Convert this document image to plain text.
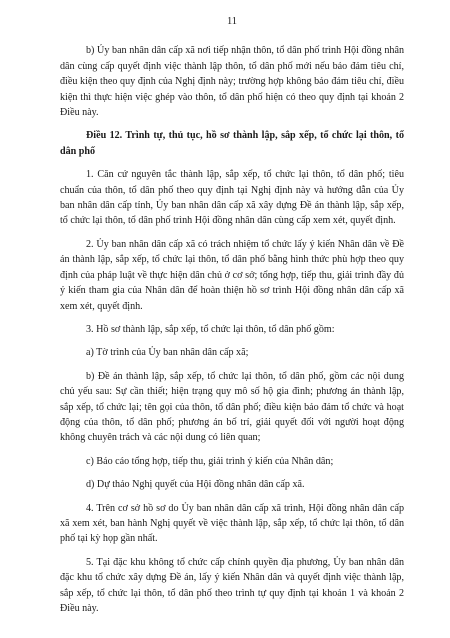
11

b) Ủy ban nhân dân cấp xã nơi tiếp nhận thôn, tổ dân phố trình Hội đồng nhân dân cùng cấp quyết định việc thành lập thôn, tổ dân phố mới nếu bảo đảm tiêu chí, điều kiện theo quy định của Nghị định này; trường hợp không bảo đảm tiêu chí, điều kiện thì thực hiện việc ghép vào thôn, tổ dân phố hiện có theo quy định tại khoản 2 Điều này.

Điều 12. Trình tự, thủ tục, hồ sơ thành lập, sắp xếp, tổ chức lại thôn, tổ dân phố

1. Căn cứ nguyên tắc thành lập, sắp xếp, tổ chức lại thôn, tổ dân phố; tiêu chuẩn của thôn, tổ dân phố theo quy định tại Nghị định này và hướng dẫn của Ủy ban nhân dân cấp tỉnh, Ủy ban nhân dân cấp xã xây dựng Đề án thành lập, sắp xếp, tổ chức lại thôn, tổ dân phố trình Hội đồng nhân dân cùng cấp xem xét, quyết định.

2. Ủy ban nhân dân cấp xã có trách nhiệm tổ chức lấy ý kiến Nhân dân về Đề án thành lập, sắp xếp, tổ chức lại thôn, tổ dân phố bằng hình thức phù hợp theo quy định của pháp luật về thực hiện dân chủ ở cơ sở; tổng hợp, tiếp thu, giải trình đầy đủ ý kiến tham gia của Nhân dân để hoàn thiện hồ sơ trình Hội đồng nhân dân cấp xã xem xét, quyết định.

3. Hồ sơ thành lập, sắp xếp, tổ chức lại thôn, tổ dân phố gồm:

a) Tờ trình của Ủy ban nhân dân cấp xã;

b) Đề án thành lập, sắp xếp, tổ chức lại thôn, tổ dân phố, gồm các nội dung chủ yếu sau: Sự cần thiết; hiện trạng quy mô số hộ gia đình; phương án thành lập, sắp xếp, tổ chức lại; tên gọi của thôn, tổ dân phố; điều kiện bảo đảm tổ chức và hoạt động của thôn, tổ dân phố; phương án bố trí, giải quyết đối với người hoạt động không chuyên trách và các nội dung có liên quan;

c) Báo cáo tổng hợp, tiếp thu, giải trình ý kiến của Nhân dân;

d) Dự thảo Nghị quyết của Hội đồng nhân dân cấp xã.

4. Trên cơ sở hồ sơ do Ủy ban nhân dân cấp xã trình, Hội đồng nhân dân cấp xã xem xét, ban hành Nghị quyết về việc thành lập, sắp xếp, tổ chức lại thôn, tổ dân phố tại kỳ họp gần nhất.

5. Tại đặc khu không tổ chức cấp chính quyền địa phương, Ủy ban nhân dân đặc khu tổ chức xây dựng Đề án, lấy ý kiến Nhân dân và quyết định việc thành lập, sắp xếp, tổ chức lại thôn, tổ dân phố theo trình tự quy định tại khoản 1 và khoản 2 Điều này.
